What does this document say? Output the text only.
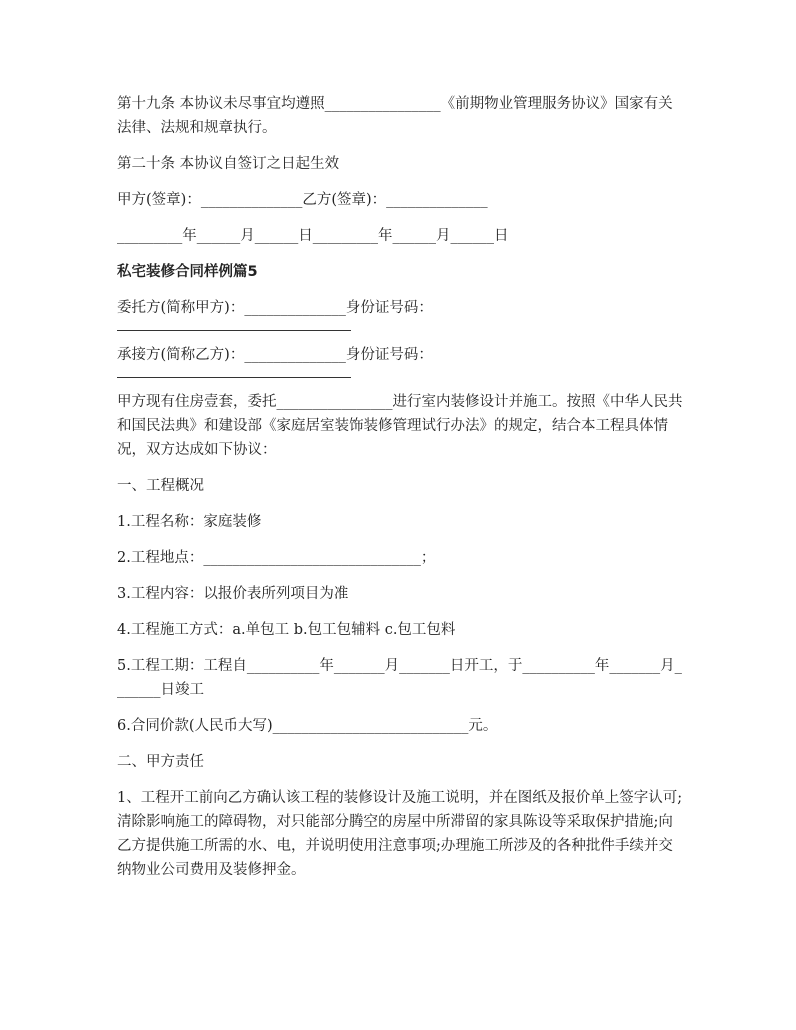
第十九条 本协议未尽事宜均遵照________________《前期物业管理服务协议》国家有关法律、法规和规章执行。

第二十条 本协议自签订之日起生效

甲方(签章)：______________乙方(签章)：______________

_________年______月______日_________年______月______日

私宅装修合同样例篇5

委托方(简称甲方)：______________身份证号码：

承接方(简称乙方)：______________身份证号码：

甲方现有住房壹套，委托________________进行室内装修设计并施工。按照《中华人民共和国民法典》和建设部《家庭居室装饰装修管理试行办法》的规定，结合本工程具体情况，双方达成如下协议：

一、工程概况

1.工程名称：家庭装修

2.工程地点：______________________________；

3.工程内容：以报价表所列项目为准

4.工程施工方式：a.单包工 b.包工包辅料 c.包工包料

5.工程工期：工程自__________年_______月_______日开工，于__________年_______月_______日竣工

6.合同价款(人民币大写)___________________________元。

二、甲方责任

1、工程开工前向乙方确认该工程的装修设计及施工说明，并在图纸及报价单上签字认可;清除影响施工的障碍物，对只能部分腾空的房屋中所滞留的家具陈设等采取保护措施;向乙方提供施工所需的水、电，并说明使用注意事项;办理施工所涉及的各种批件手续并交纳物业公司费用及装修押金。
